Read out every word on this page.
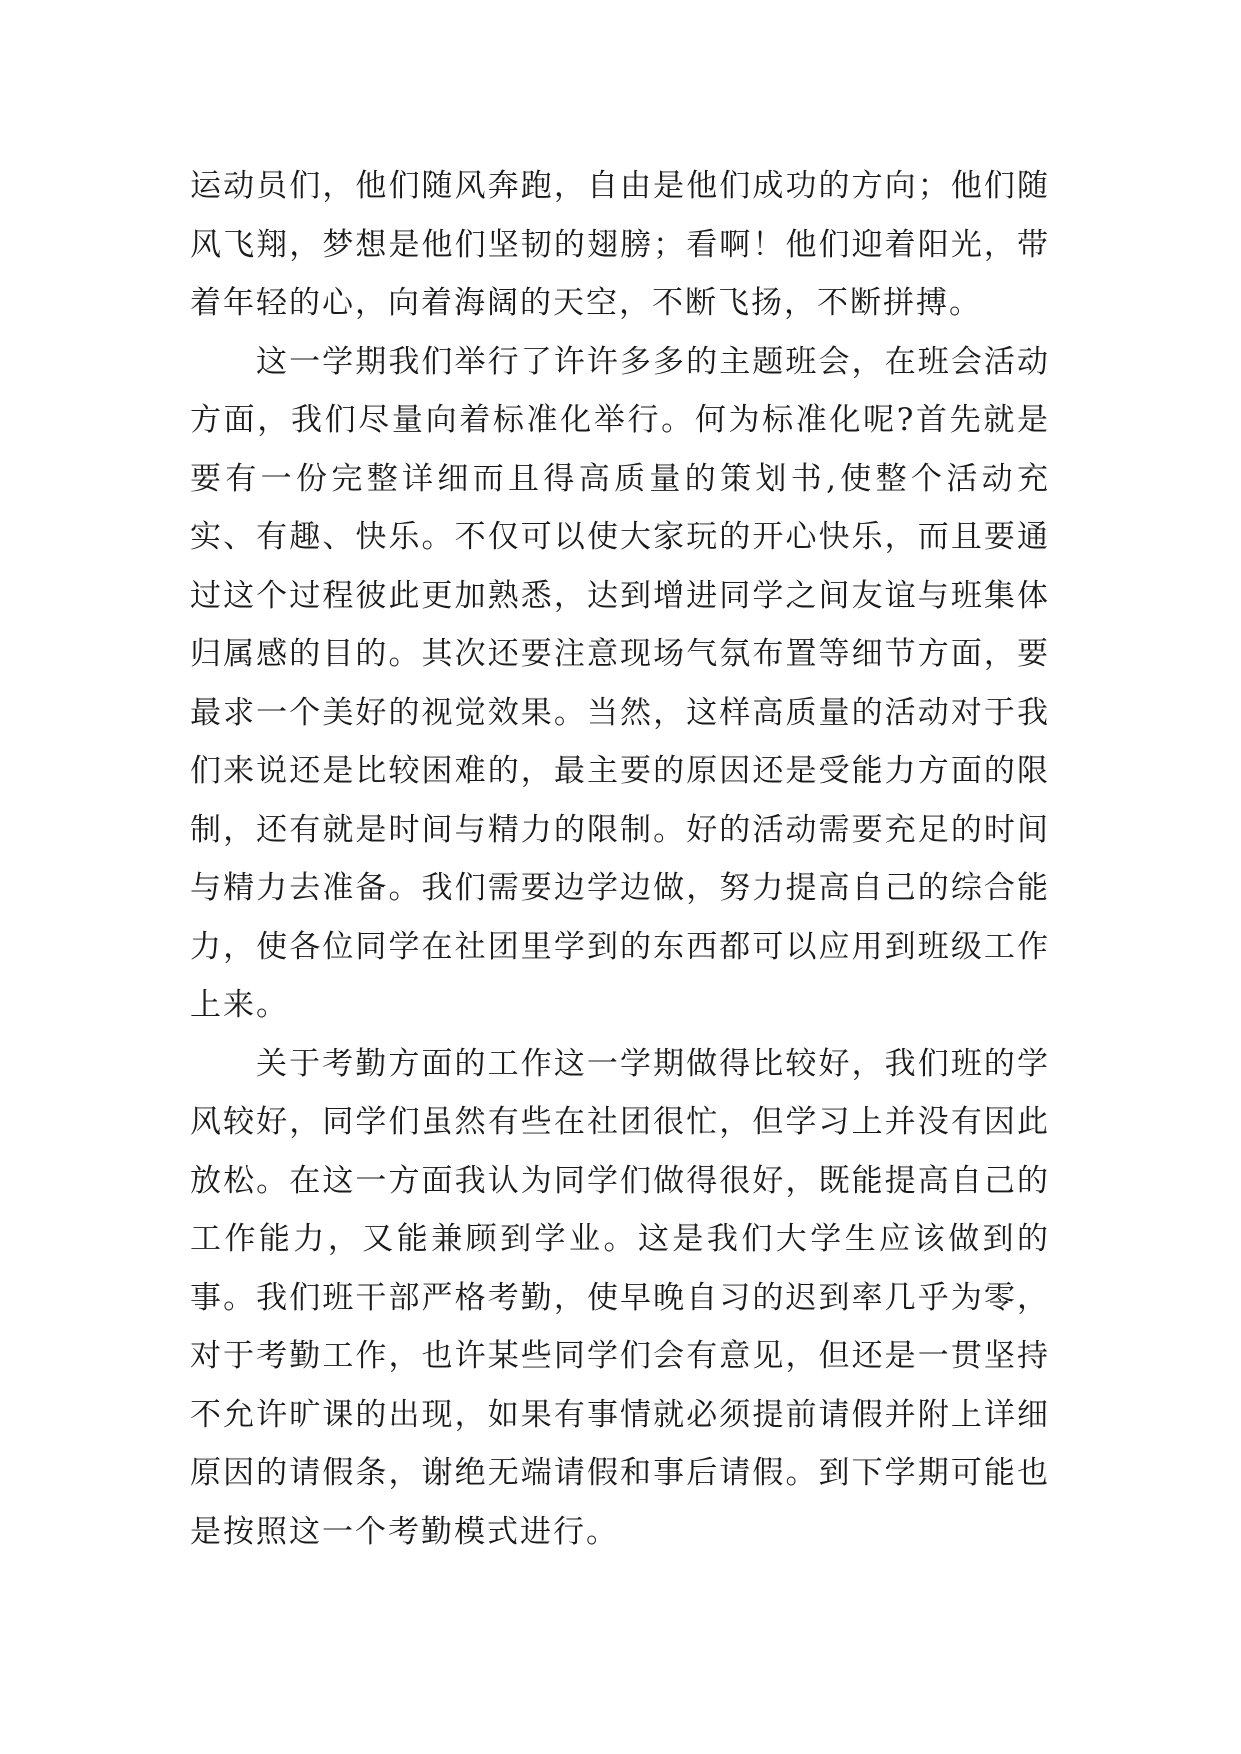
运动员们，他们随风奔跑，自由是他们成功的方向；他们随风飞翔，梦想是他们坚韧的翅膀；看啊！他们迎着阳光，带着年轻的心，向着海阔的天空，不断飞扬，不断拼搏。

这一学期我们举行了许许多多的主题班会，在班会活动方面，我们尽量向着标准化举行。何为标准化呢?首先就是要有一份完整详细而且得高质量的策划书,使整个活动充实、有趣、快乐。不仅可以使大家玩的开心快乐，而且要通过这个过程彼此更加熟悉，达到增进同学之间友谊与班集体归属感的目的。其次还要注意现场气氛布置等细节方面，要最求一个美好的视觉效果。当然，这样高质量的活动对于我们来说还是比较困难的，最主要的原因还是受能力方面的限制，还有就是时间与精力的限制。好的活动需要充足的时间与精力去准备。我们需要边学边做，努力提高自己的综合能力，使各位同学在社团里学到的东西都可以应用到班级工作上来。

关于考勤方面的工作这一学期做得比较好，我们班的学风较好，同学们虽然有些在社团很忙，但学习上并没有因此放松。在这一方面我认为同学们做得很好，既能提高自己的工作能力，又能兼顾到学业。这是我们大学生应该做到的事。我们班干部严格考勤，使早晚自习的迟到率几乎为零，对于考勤工作，也许某些同学们会有意见，但还是一贯坚持不允许旷课的出现，如果有事情就必须提前请假并附上详细原因的请假条，谢绝无端请假和事后请假。到下学期可能也是按照这一个考勤模式进行。
